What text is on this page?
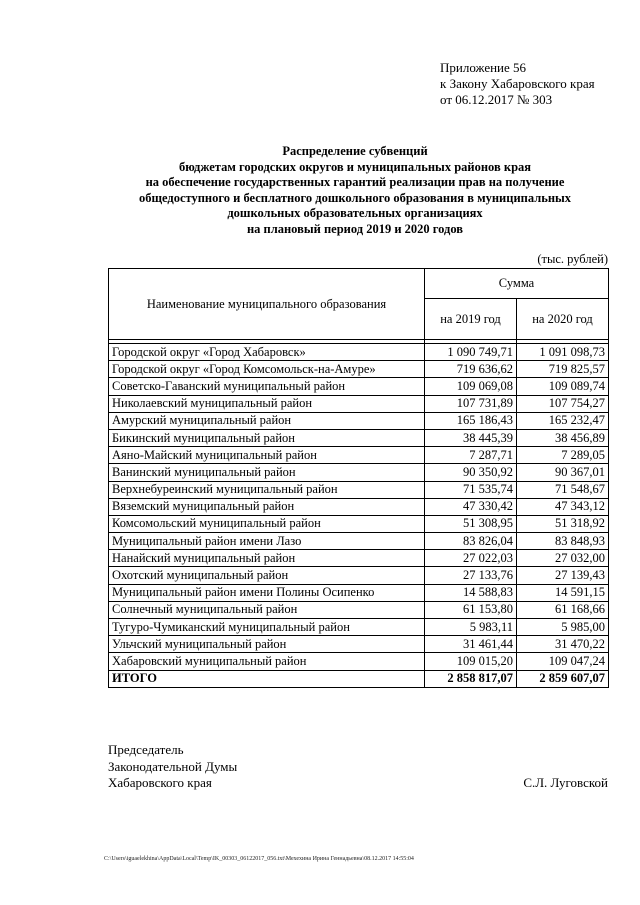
Приложение 56
к Закону Хабаровского края
от 06.12.2017 № 303
Распределение субвенций
бюджетам городских округов и муниципальных районов края
на обеспечение государственных гарантий реализации прав на получение
общедоступного и бесплатного дошкольного образования в муниципальных
дошкольных образовательных организациях
на плановый период 2019 и 2020 годов
(тыс. рублей)
Наименование муниципального образования	Сумма	
	на 2019 год	на 2020 год

Городской округ «Город Хабаровск»	1 090 749,71	1 091 098,73
Городской округ «Город Комсомольск-на-Амуре»	719 636,62	719 825,57
Советско-Гаванский муниципальный район	109 069,08	109 089,74
Николаевский муниципальный район	107 731,89	107 754,27
Амурский муниципальный район	165 186,43	165 232,47
Бикинский муниципальный район	38 445,39	38 456,89
Аяно-Майский муниципальный район	7 287,71	7 289,05
Ванинский муниципальный район	90 350,92	90 367,01
Верхнебуреинский муниципальный район	71 535,74	71 548,67
Вяземский муниципальный район	47 330,42	47 343,12
Комсомольский муниципальный район	51 308,95	51 318,92
Муниципальный район имени Лазо	83 826,04	83 848,93
Нанайский муниципальный район	27 022,03	27 032,00
Охотский муниципальный район	27 133,76	27 139,43
Муниципальный район имени Полины Осипенко	14 588,83	14 591,15
Солнечный муниципальный район	61 153,80	61 168,66
Тугуро-Чумиканский муниципальный район	5 983,11	5 985,00
Ульчский муниципальный район	31 461,44	31 470,22
Хабаровский муниципальный район	109 015,20	109 047,24
ИТОГО	2 858 817,07	2 859 607,07
Председатель
Законодательной Думы
Хабаровского края	С.Л. Луговской
C:\Users\iguaelekhina\AppData\Local\Temp\IK_00303_06122017_056.txt\Мехехина Ирина Геннадьевна\08.12.2017 14:55:04
